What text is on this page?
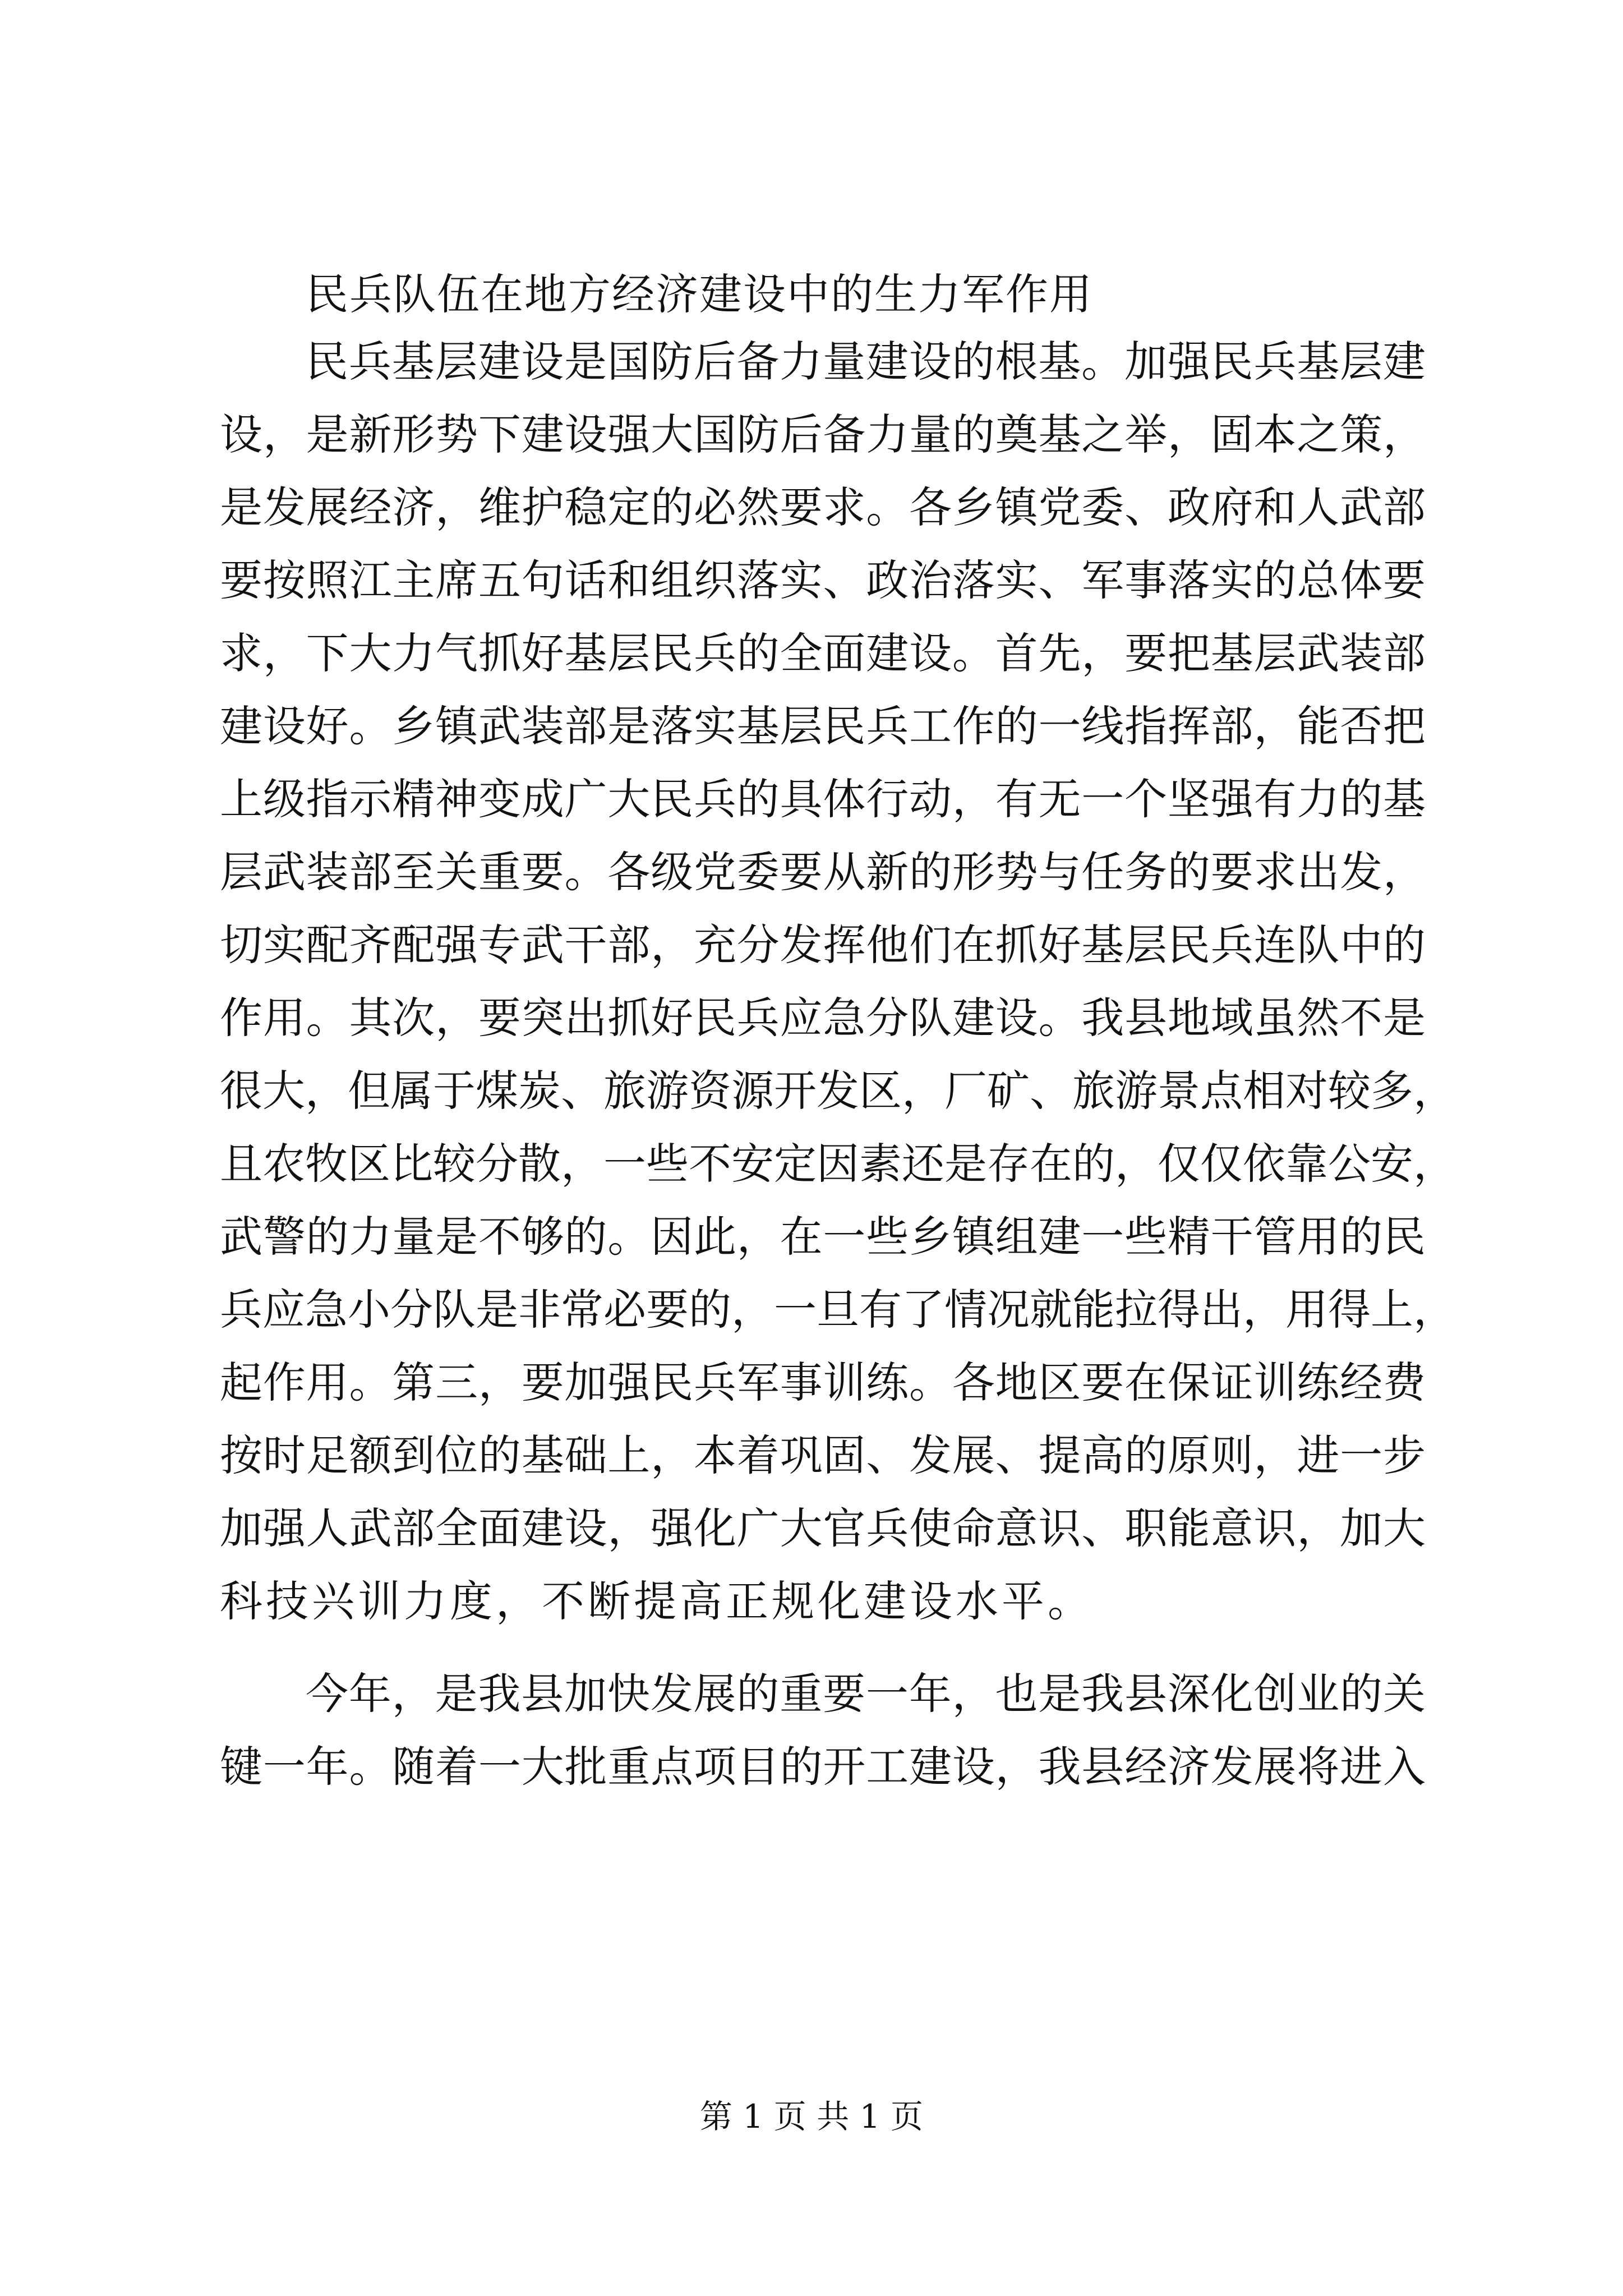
民兵队伍在地方经济建设中的生力军作用
民兵基层建设是国防后备力量建设的根基。加强民兵基层建
设，是新形势下建设强大国防后备力量的奠基之举，固本之策，
是发展经济，维护稳定的必然要求。各乡镇党委、政府和人武部
要按照江主席五句话和组织落实、政治落实、军事落实的总体要
求，下大力气抓好基层民兵的全面建设。首先，要把基层武装部
建设好。乡镇武装部是落实基层民兵工作的一线指挥部，能否把
上级指示精神变成广大民兵的具体行动，有无一个坚强有力的基
层武装部至关重要。各级党委要从新的形势与任务的要求出发，
切实配齐配强专武干部，充分发挥他们在抓好基层民兵连队中的
作用。其次，要突出抓好民兵应急分队建设。我县地域虽然不是
很大，但属于煤炭、旅游资源开发区，厂矿、旅游景点相对较多，
且农牧区比较分散，一些不安定因素还是存在的，仅仅依靠公安，
武警的力量是不够的。因此，在一些乡镇组建一些精干管用的民
兵应急小分队是非常必要的，一旦有了情况就能拉得出，用得上，
起作用。第三，要加强民兵军事训练。各地区要在保证训练经费
按时足额到位的基础上，本着巩固、发展、提高的原则，进一步
加强人武部全面建设，强化广大官兵使命意识、职能意识，加大
科技兴训力度，不断提高正规化建设水平。
今年，是我县加快发展的重要一年，也是我县深化创业的关
键一年。随着一大批重点项目的开工建设，我县经济发展将进入
第 1 页 共 1 页
